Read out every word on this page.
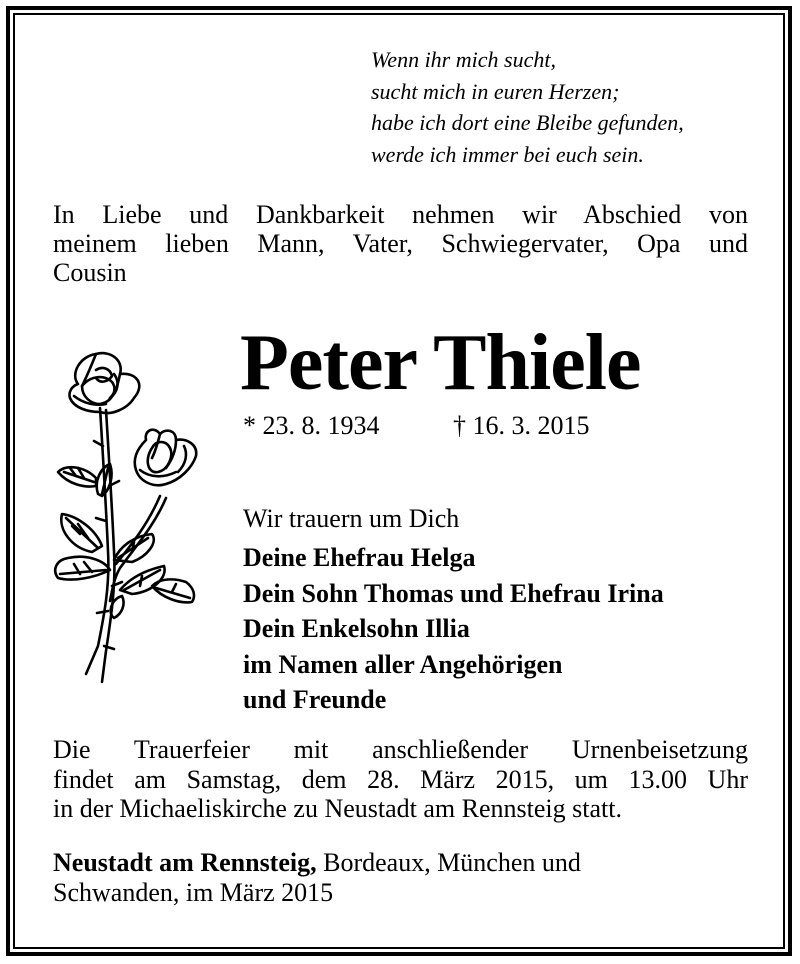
Wenn ihr mich sucht,
sucht mich in euren Herzen;
habe ich dort eine Bleibe gefunden,
werde ich immer bei euch sein.
In Liebe und Dankbarkeit nehmen wir Abschied von
meinem lieben Mann, Vater, Schwiegervater, Opa und
Cousin
Peter Thiele
* 23. 8. 1934	† 16. 3. 2015
Wir trauern um Dich
Deine Ehefrau Helga
Dein Sohn Thomas und Ehefrau Irina
Dein Enkelsohn Illia
im Namen aller Angehörigen
und Freunde
Die Trauerfeier mit anschließender Urnenbeisetzung
findet am Samstag, dem 28. März 2015, um 13.00 Uhr
in der Michaeliskirche zu Neustadt am Rennsteig statt.
Neustadt am Rennsteig, Bordeaux, München und
Schwanden, im März 2015
